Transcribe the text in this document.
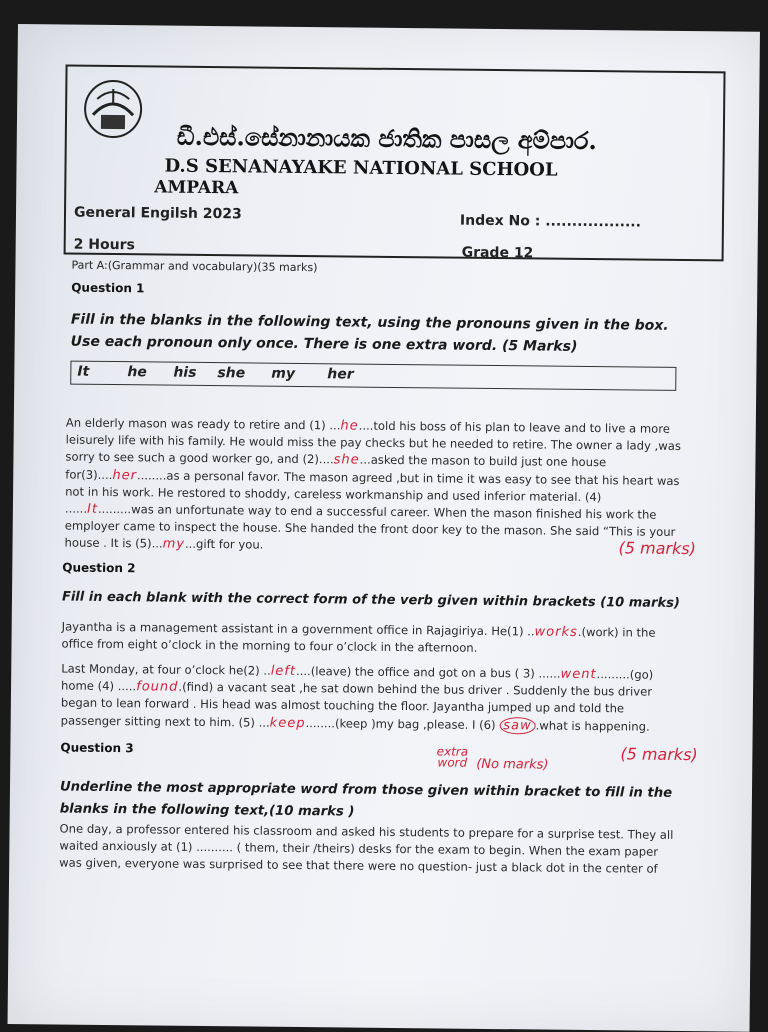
ඩී.එස්.සේනානායක ජාතික පාසල අම්පාර.
D.S SENANAYAKE NATIONAL SCHOOL
AMPARA
General Engilsh 2023	Index No : ..................
2 Hours	Grade 12
Part A:(Grammar and vocabulary)(35 marks)
Question 1
Fill in the blanks in the following text, using the pronouns given in the box. Use each pronoun only once. There is one extra word. (5 Marks)
It	he his she my her
An elderly mason was ready to retire and (1) ...he....told his boss of his plan to leave and to live a more
leisurely life with his family. He would miss the pay checks but he needed to retire. The owner a lady ,was
sorry to see such a good worker go, and (2)....she...asked the mason to build just one house
for(3)....her........as a personal favor. The mason agreed ,but in time it was easy to see that his heart was
not in his work. He restored to shoddy, careless workmanship and used inferior material. (4)
......It.........was an unfortunate way to end a successful career. When the mason finished his work the
employer came to inspect the house. She handed the front door key to the mason. She said “This is your
house . It is (5)...my...gift for you.	(5 marks)
Question 2
Fill in each blank with the correct form of the verb given within brackets (10 marks)
Jayantha is a management assistant in a government office in Rajagiriya. He(1) ..works.(work) in the
office from eight o’clock in the morning to four o’clock in the afternoon.
Last Monday, at four o’clock he(2) ..left....(leave) the office and got on a bus ( 3) ......went.........(go)
home (4) .....found.(find) a vacant seat ,he sat down behind the bus driver . Suddenly the bus driver
began to lean forward . His head was almost touching the floor. Jayantha jumped up and told the
passenger sitting next to him. (5) ...keep........(keep )my bag ,please. I (6) saw .what is happening.
extra word (No marks)
(5 marks)
Question 3
Underline the most appropriate word from those given within bracket to fill in the blanks in the following text,(10 marks )
One day, a professor entered his classroom and asked his students to prepare for a surprise test. They all
waited anxiously at (1) .......... ( them, their /theirs) desks for the exam to begin. When the exam paper
was given, everyone was surprised to see that there were no question- just a black dot in the center of
